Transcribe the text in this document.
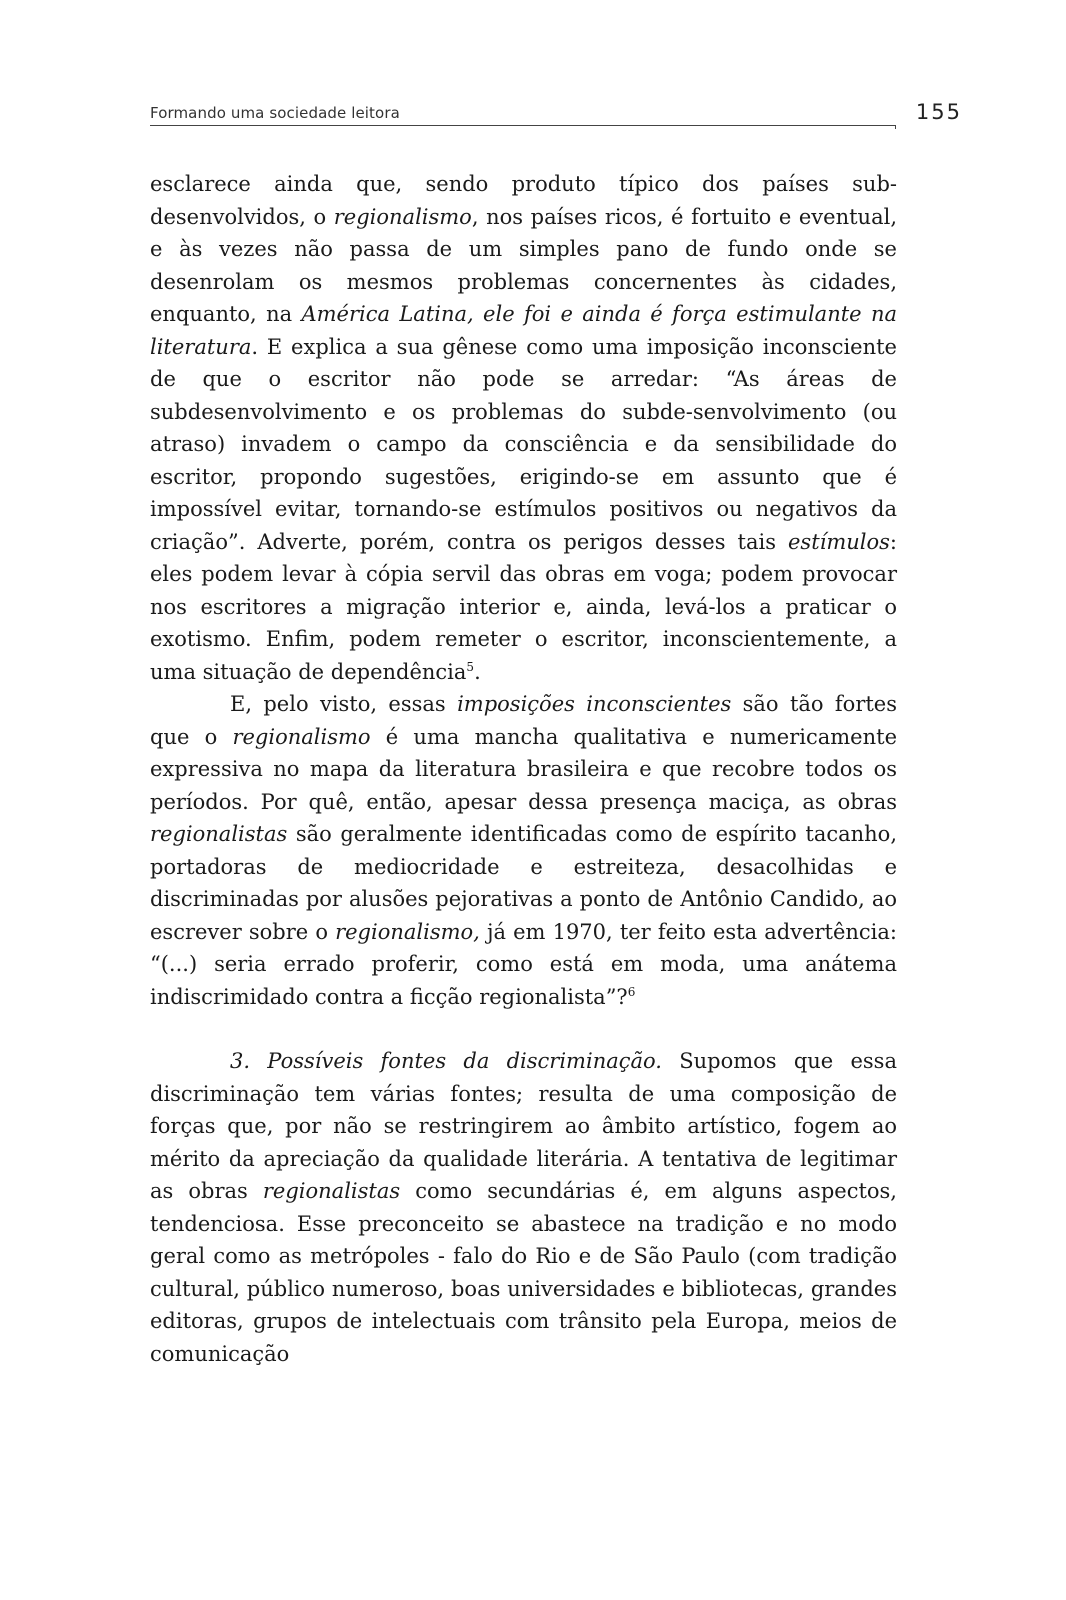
Formando uma sociedade leitora	155

esclarece ainda que, sendo produto típico dos países sub-desenvolvidos, o regionalismo, nos países ricos, é fortuito e eventual, e às vezes não passa de um simples pano de fundo onde se desenrolam os mesmos problemas concernentes às cidades, enquanto, na América Latina, ele foi e ainda é força estimulante na literatura. E explica a sua gênese como uma imposição inconsciente de que o escritor não pode se arredar: “As áreas de subdesenvolvimento e os problemas do subde-senvolvimento (ou atraso) invadem o campo da consciência e da sensibilidade do escritor, propondo sugestões, erigindo-se em assunto que é impossível evitar, tornando-se estímulos positivos ou negativos da criação”. Adverte, porém, contra os perigos desses tais estímulos: eles podem levar à cópia servil das obras em voga; podem provocar nos escritores a migração interior e, ainda, levá-los a praticar o exotismo. Enfim, podem remeter o escritor, inconscientemente, a uma situação de dependência$^5$.

E, pelo visto, essas imposições inconscientes são tão fortes que o regionalismo é uma mancha qualitativa e numericamente expressiva no mapa da literatura brasileira e que recobre todos os períodos. Por quê, então, apesar dessa presença maciça, as obras regionalistas são geralmente identificadas como de espírito tacanho, portadoras de mediocridade e estreiteza, desacolhidas e discriminadas por alusões pejorativas a ponto de Antônio Candido, ao escrever sobre o regionalismo, já em 1970, ter feito esta advertência: “(...) seria errado proferir, como está em moda, uma anátema indiscrimidado contra a ficção regionalista”?$^6$

3. Possíveis fontes da discriminação. Supomos que essa discriminação tem várias fontes; resulta de uma composição de forças que, por não se restringirem ao âmbito artístico, fogem ao mérito da apreciação da qualidade literária. A tentativa de legitimar as obras regionalistas como secundárias é, em alguns aspectos, tendenciosa. Esse preconceito se abastece na tradição e no modo geral como as metrópoles - falo do Rio e de São Paulo (com tradição cultural, público numeroso, boas universidades e bibliotecas, grandes editoras, grupos de intelectuais com trânsito pela Europa, meios de comunicação
